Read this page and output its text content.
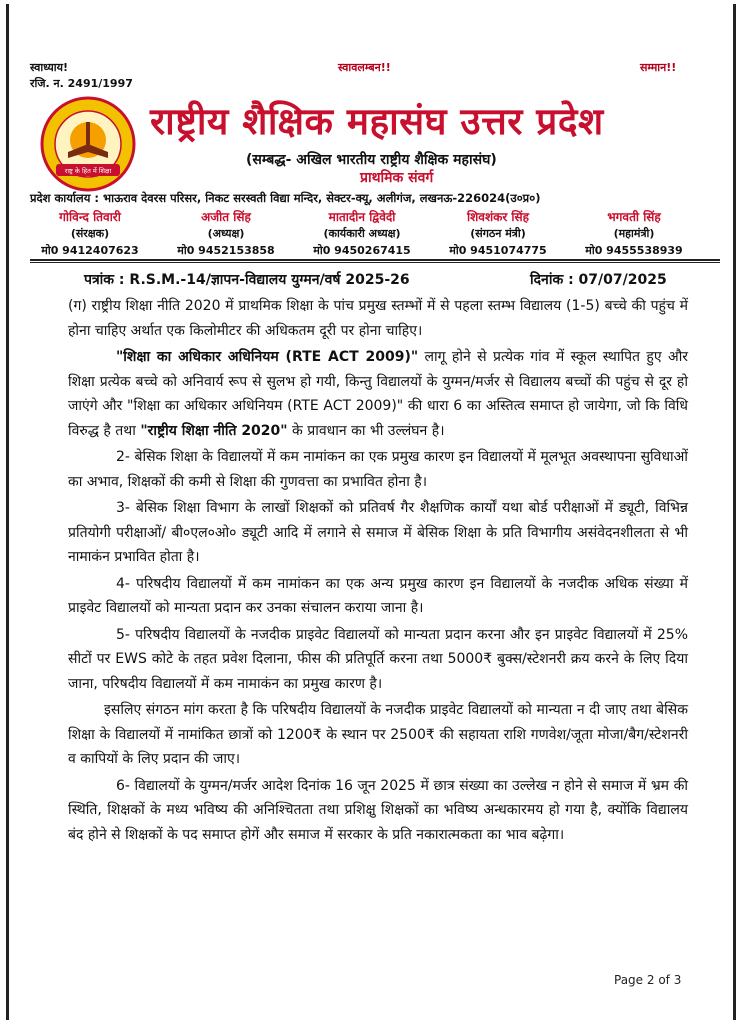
स्वाध्याय!	स्वावलम्बन!!	सम्मान!!
रजि. न. 2491/1997
राष्ट्र के हित में शिक्षा
राष्ट्रीय शैक्षिक महासंघ उत्तर प्रदेश
(सम्बद्ध- अखिल भारतीय राष्ट्रीय शैक्षिक महासंघ)
प्राथमिक संवर्ग
प्रदेश कार्यालय : भाऊराव देवरस परिसर, निकट सरस्वती विद्या मन्दिर, सेक्टर-क्यू, अलीगंज, लखनऊ-226024(उ०प्र०)
गोविन्द तिवारी
(संरक्षक)
मो0 9412407623
अजीत सिंह
(अध्यक्ष)
मो0 9452153858
मातादीन द्विवेदी
(कार्यकारी अध्यक्ष)
मो0 9450267415
शिवशंकर सिंह
(संगठन मंत्री)
मो0 9451074775
भगवती सिंह
(महामंत्री)
मो0 9455538939
पत्रांक : R.S.M.-14/ज्ञापन-विद्यालय युग्मन/वर्ष 2025-26	दिनांक : 07/07/2025

(ग) राष्ट्रीय शिक्षा नीति 2020 में प्राथमिक शिक्षा के पांच प्रमुख स्तम्भों में से पहला स्तम्भ विद्यालय (1-5) बच्चे की पहुंच में होना चाहिए अर्थात एक किलोमीटर की अधिकतम दूरी पर होना चाहिए।

"शिक्षा का अधिकार अधिनियम (RTE ACT 2009)" लागू होने से प्रत्येक गांव में स्कूल स्थापित हुए और शिक्षा प्रत्येक बच्चे को अनिवार्य रूप से सुलभ हो गयी, किन्तु विद्यालयों के युग्मन/मर्जर से विद्यालय बच्चों की पहुंच से दूर हो जाएंगे और "शिक्षा का अधिकार अधिनियम (RTE ACT 2009)" की धारा 6 का अस्तित्व समाप्त हो जायेगा, जो कि विधि विरुद्ध है तथा "राष्ट्रीय शिक्षा नीति 2020" के प्रावधान का भी उल्लंघन है।

2- बेसिक शिक्षा के विद्यालयों में कम नामांकन का एक प्रमुख कारण इन विद्यालयों में मूलभूत अवस्थापना सुविधाओं का अभाव, शिक्षकों की कमी से शिक्षा की गुणवत्ता का प्रभावित होना है।

3- बेसिक शिक्षा विभाग के लाखों शिक्षकों को प्रतिवर्ष गैर शैक्षणिक कार्यों यथा बोर्ड परीक्षाओं में ड्यूटी, विभिन्न प्रतियोगी परीक्षाओं/ बी०एल०ओ० ड्यूटी आदि में लगाने से समाज में बेसिक शिक्षा के प्रति विभागीय असंवेदनशीलता से भी नामाकंन प्रभावित होता है।

4- परिषदीय विद्यालयों में कम नामांकन का एक अन्य प्रमुख कारण इन विद्यालयों के नजदीक अधिक संख्या में प्राइवेट विद्यालयों को मान्यता प्रदान कर उनका संचालन कराया जाना है।

5- परिषदीय विद्यालयों के नजदीक प्राइवेट विद्यालयों को मान्यता प्रदान करना और इन प्राइवेट विद्यालयों में 25% सीटों पर EWS कोटे के तहत प्रवेश दिलाना, फीस की प्रतिपूर्ति करना तथा 5000₹ बुक्स/स्टेशनरी क्रय करने के लिए दिया जाना, परिषदीय विद्यालयों में कम नामाकंन का प्रमुख कारण है।

इसलिए संगठन मांग करता है कि परिषदीय विद्यालयों के नजदीक प्राइवेट विद्यालयों को मान्यता न दी जाए तथा बेसिक शिक्षा के विद्यालयों में नामांकित छात्रों को 1200₹ के स्थान पर 2500₹ की सहायता राशि गणवेश/जूता मोजा/बैग/स्टेशनरी व कापियों के लिए प्रदान की जाए।

6- विद्यालयों के युग्मन/मर्जर आदेश दिनांक 16 जून 2025 में छात्र संख्या का उल्लेख न होने से समाज में भ्रम की स्थिति, शिक्षकों के मध्य भविष्य की अनिश्चितता तथा प्रशिक्षु शिक्षकों का भविष्य अन्धकारमय हो गया है, क्योंकि विद्यालय बंद होने से शिक्षकों के पद समाप्त होगें और समाज में सरकार के प्रति नकारात्मकता का भाव बढ़ेगा।

Page 2 of 3
